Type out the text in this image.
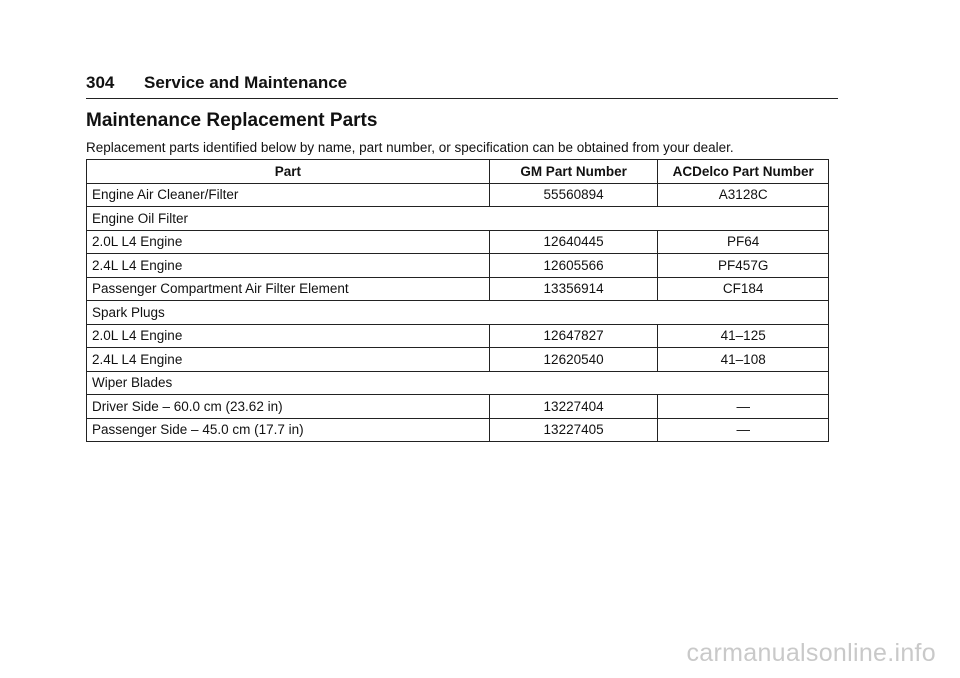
304 Service and Maintenance
Maintenance Replacement Parts

Replacement parts identified below by name, part number, or specification can be obtained from your dealer.

Part	GM Part Number	ACDelco Part Number
Engine Air Cleaner/Filter	55560894	A3128C
Engine Oil Filter		
2.0L L4 Engine	12640445	PF64
2.4L L4 Engine	12605566	PF457G
Passenger Compartment Air Filter Element	13356914	CF184
Spark Plugs		
2.0L L4 Engine	12647827	41–125
2.4L L4 Engine	12620540	41–108
Wiper Blades		
Driver Side – 60.0 cm (23.62 in)	13227404	—
Passenger Side – 45.0 cm (17.7 in)	13227405	—
carmanualsonline.info
